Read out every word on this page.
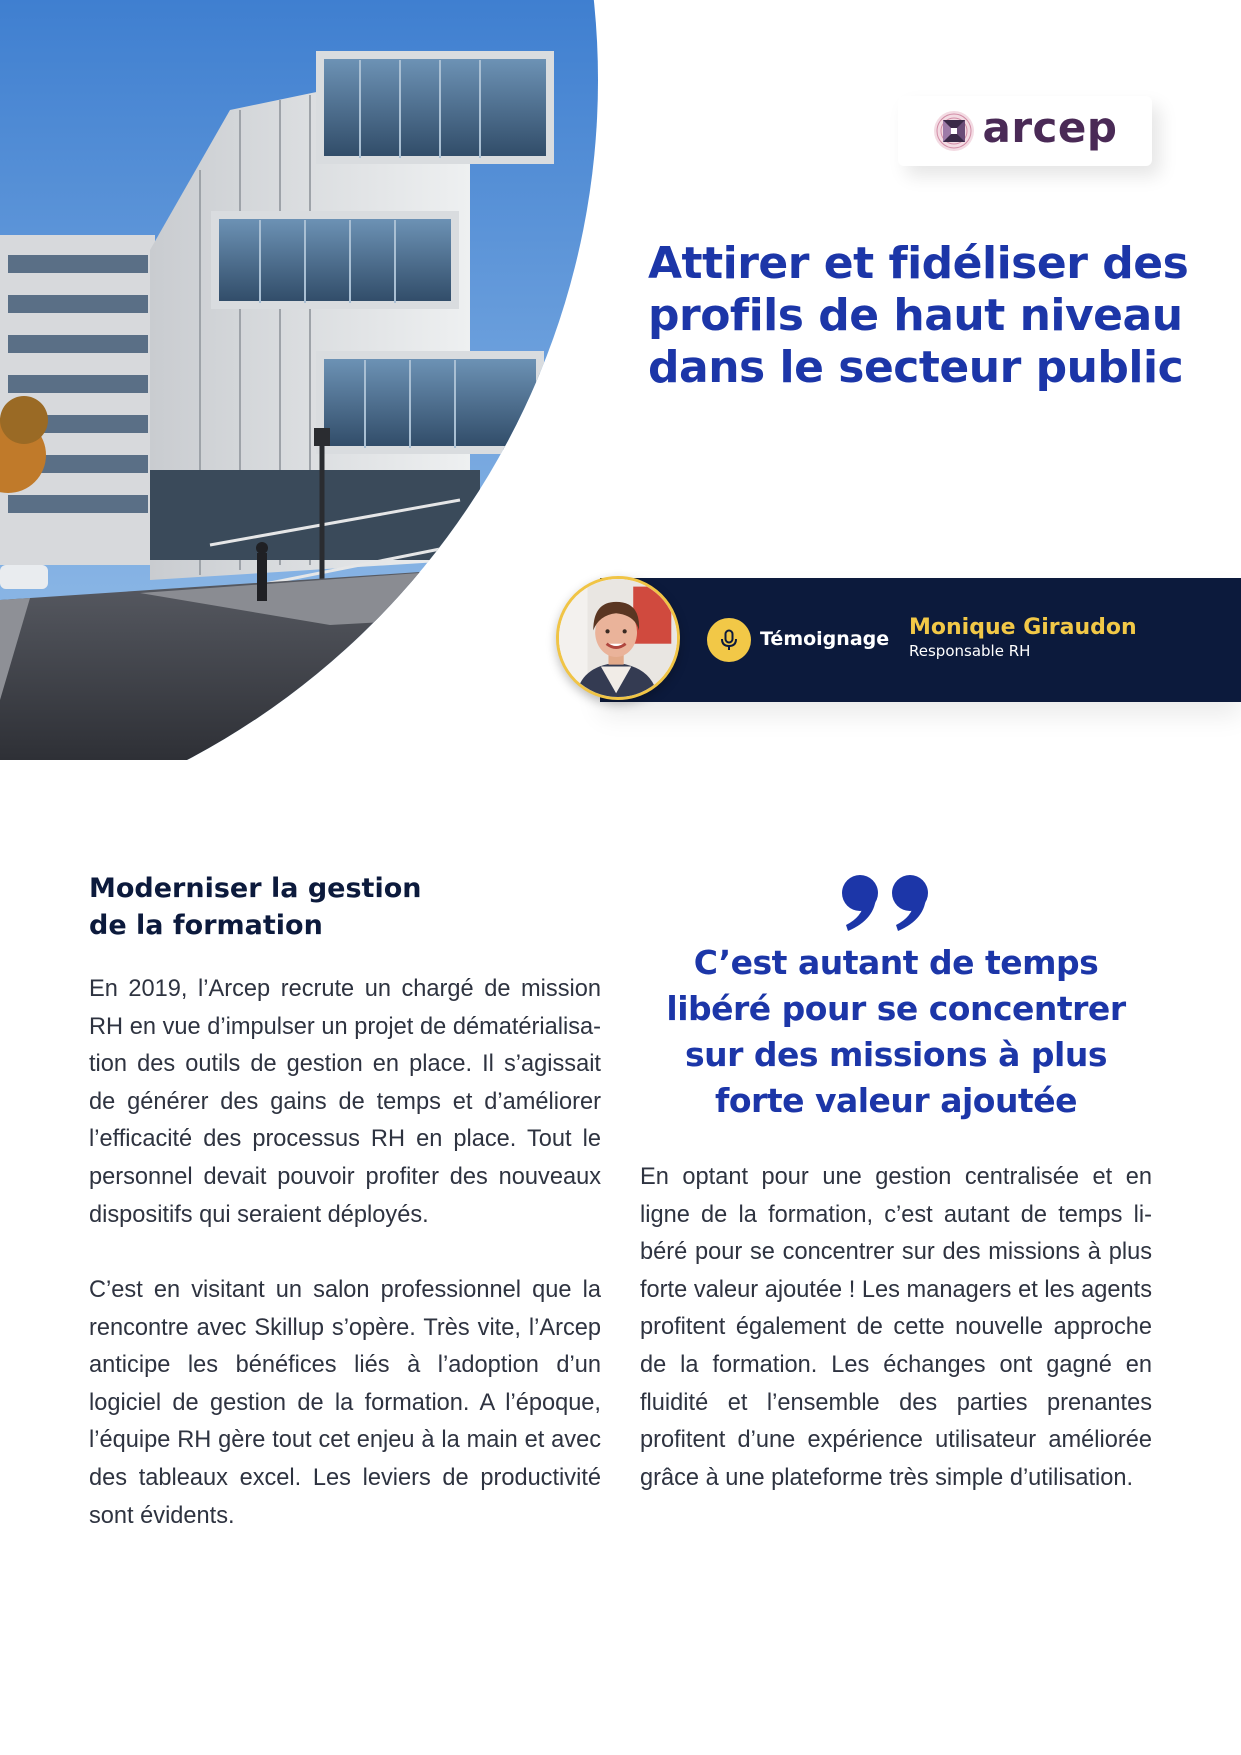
arcep
Attirer et fidéliser des profils de haut niveau dans le secteur public
Témoignage Monique Giraudon
Responsable RH
Moderniser la gestion
de la formation

En 2019, l’Arcep recrute un chargé de mission RH en vue d’impulser un projet de dématérialisation des outils de gestion en place. Il s’agissait de générer des gains de temps et d’améliorer l’efficacité des processus RH en place. Tout le personnel devait pouvoir profiter des nouveaux dispositifs qui seraient déployés.

C’est en visitant un salon professionnel que la rencontre avec Skillup s’opère. Très vite, l’Arcep anticipe les bénéfices liés à l’adoption d’un logiciel de gestion de la formation. A l’époque, l’équipe RH gère tout cet enjeu à la main et avec des tableaux excel. Les leviers de productivité sont évidents.

C’est autant de temps libéré pour se concentrer sur des missions à plus forte valeur ajoutée

En optant pour une gestion centralisée et en ligne de la formation, c’est autant de temps libéré pour se concentrer sur des missions à plus forte valeur ajoutée ! Les managers et les agents profitent également de cette nouvelle approche de la formation. Les échanges ont gagné en fluidité et l’ensemble des parties prenantes profitent d’une expérience utilisateur améliorée grâce à une plateforme très simple d’utilisation.
